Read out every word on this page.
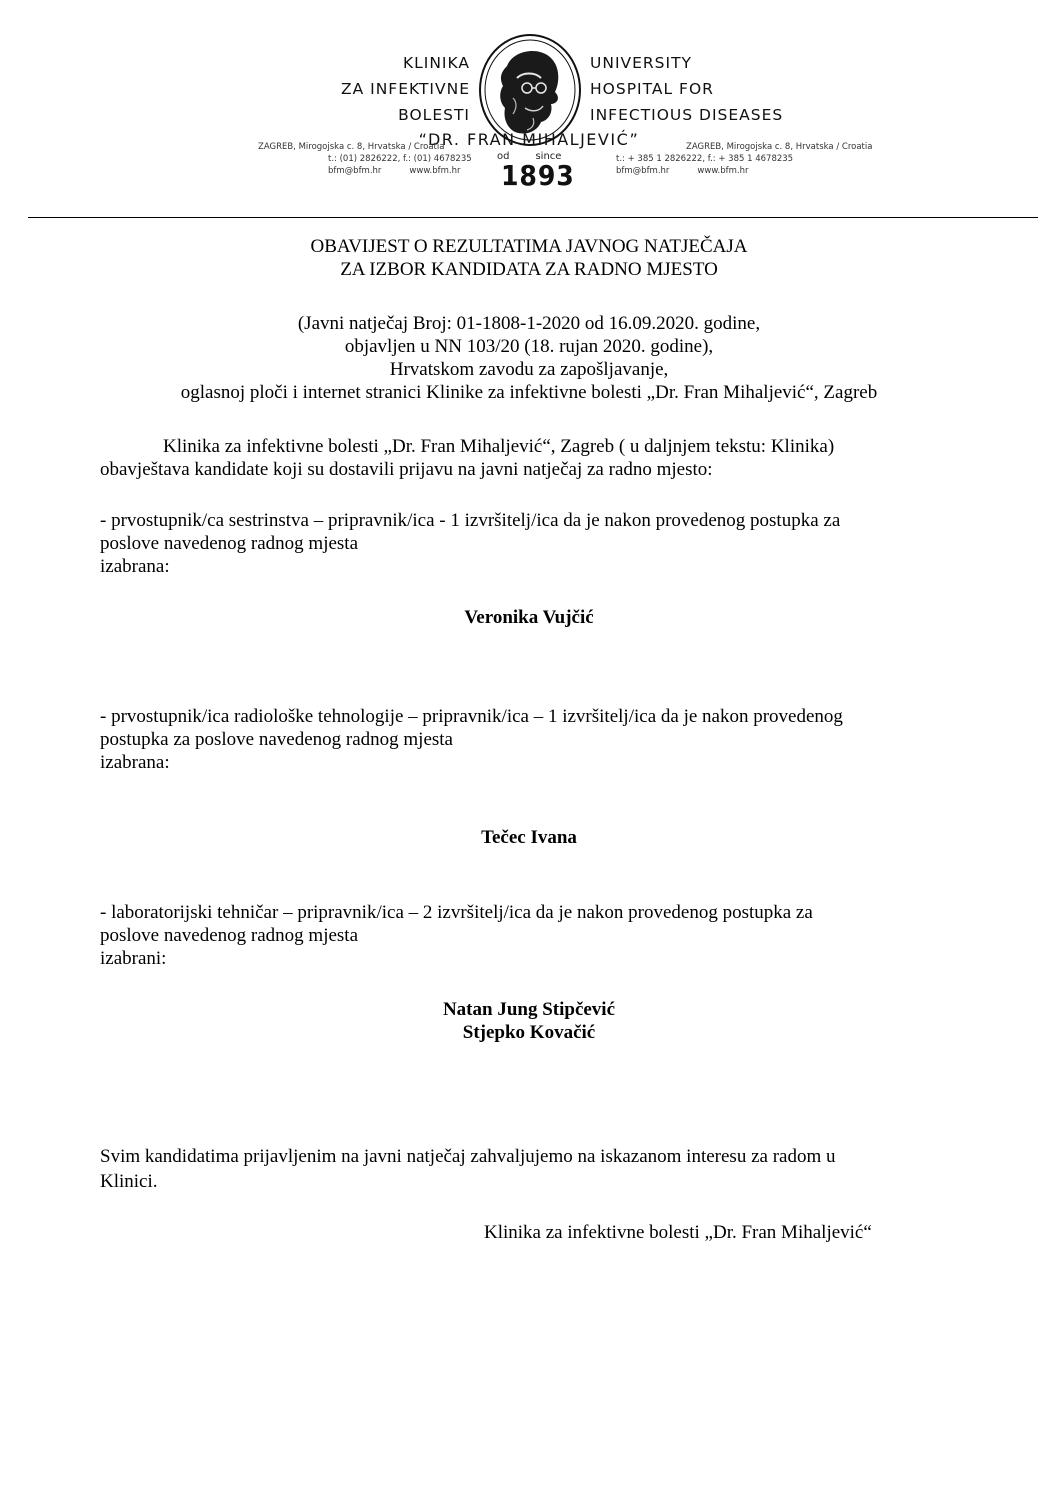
KLINIKA
ZA INFEKTIVNE
BOLESTI
UNIVERSITY
HOSPITAL FOR
INFECTIOUS DISEASES
“DR. FRAN MIHALJEVIĆ”
ZAGREB, Mirogojska c. 8, Hrvatska / Croatia
t.: (01) 2826222, f.: (01) 4678235
bfm@bfm.hr	www.bfm.hr
od	since
1893
ZAGREB, Mirogojska c. 8, Hrvatska / Croatia
t.: + 385 1 2826222, f.: + 385 1 4678235
bfm@bfm.hr	www.bfm.hr
OBAVIJEST O REZULTATIMA JAVNOG NATJEČAJA
ZA IZBOR KANDIDATA ZA RADNO MJESTO
(Javni natječaj Broj: 01-1808-1-2020 od 16.09.2020. godine,
objavljen u NN 103/20 (18. rujan 2020. godine),
Hrvatskom zavodu za zapošljavanje,
oglasnoj ploči i internet stranici Klinike za infektivne bolesti „Dr. Fran Mihaljević“, Zagreb
Klinika za infektivne bolesti „Dr. Fran Mihaljević“, Zagreb ( u daljnjem tekstu: Klinika)
obavještava kandidate koji su dostavili prijavu na javni natječaj za radno mjesto:
- prvostupnik/ca sestrinstva – pripravnik/ica - 1 izvršitelj/ica da je nakon provedenog postupka za
poslove navedenog radnog mjesta
izabrana:
Veronika Vujčić
- prvostupnik/ica radiološke tehnologije – pripravnik/ica – 1 izvršitelj/ica da je nakon provedenog
postupka za poslove navedenog radnog mjesta
izabrana:
Tečec Ivana
- laboratorijski tehničar – pripravnik/ica – 2 izvršitelj/ica da je nakon provedenog postupka za
poslove navedenog radnog mjesta
izabrani:
Natan Jung Stipčević
Stjepko Kovačić
Svim kandidatima prijavljenim na javni natječaj zahvaljujemo na iskazanom interesu za radom u
Klinici.
Klinika za infektivne bolesti „Dr. Fran Mihaljević“
